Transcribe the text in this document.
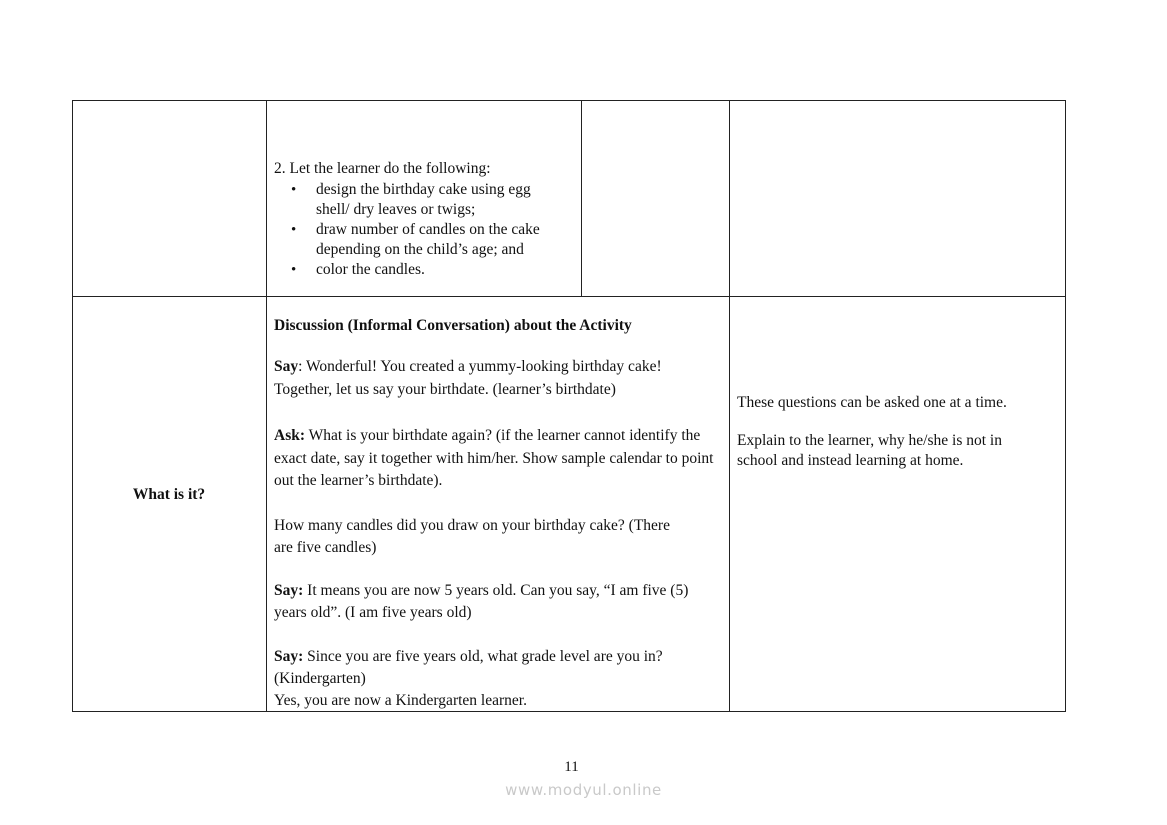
2. Let the learner do the following:
• design the birthday cake using egg shell/ dry leaves or twigs;
• draw number of candles on the cake depending on the child’s age; and
• color the candles.
What is it?
Discussion (Informal Conversation) about the Activity
Say: Wonderful! You created a yummy-looking birthday cake!
Together, let us say your birthdate. (learner’s birthdate)
Ask: What is your birthdate again? (if the learner cannot identify the exact date, say it together with him/her. Show sample calendar to point out the learner’s birthdate).
How many candles did you draw on your birthday cake? (There
are five candles)
Say: It means you are now 5 years old. Can you say, “I am five (5)
years old”. (I am five years old)
Say: Since you are five years old, what grade level are you in?
(Kindergarten)
Yes, you are now a Kindergarten learner.
These questions can be asked one at a time.
Explain to the learner, why he/she is not in
school and instead learning at home.
11
www.modyul.online
